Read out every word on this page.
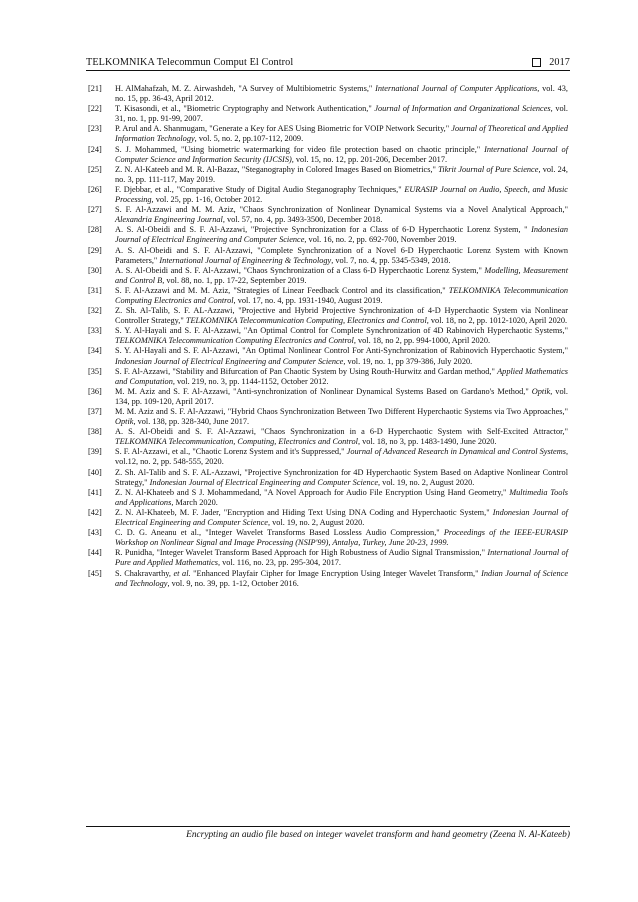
TELKOMNIKA Telecommun Comput El Control	2017
[21]	H. AlMahafzah, M. Z. Airwashdeh, "A Survey of Multibiometric Systems," International Journal of Computer Applications, vol. 43, no. 15, pp. 36-43, April 2012.
[22]	T. Kisasondi, et al., "Biometric Cryptography and Network Authentication," Journal of Information and Organizational Sciences, vol. 31, no. 1, pp. 91-99, 2007.
[23]	P. Arul and A. Shanmugam, "Generate a Key for AES Using Biometric for VOIP Network Security," Journal of Theoretical and Applied Information Technology, vol. 5, no. 2, pp.107-112, 2009.
[24]	S. J. Mohammed, "Using biometric watermarking for video file protection based on chaotic principle," International Journal of Computer Science and Information Security (IJCSIS), vol. 15, no. 12, pp. 201-206, December 2017.
[25]	Z. N. Al-Kateeb and M. R. Al-Bazaz, "Steganography in Colored Images Based on Biometrics," Tikrit Journal of Pure Science, vol. 24, no. 3, pp. 111-117, May 2019.
[26]	F. Djebbar, et al., "Comparative Study of Digital Audio Steganography Techniques," EURASIP Journal on Audio, Speech, and Music Processing, vol. 25, pp. 1-16, October 2012.
[27]	S. F. Al-Azzawi and M. M. Aziz, "Chaos Synchronization of Nonlinear Dynamical Systems via a Novel Analytical Approach," Alexandria Engineering Journal, vol. 57, no. 4, pp. 3493-3500, December 2018.
[28]	A. S. Al-Obeidi and S. F. Al-Azzawi, "Projective Synchronization for a Class of 6-D Hyperchaotic Lorenz System, " Indonesian Journal of Electrical Engineering and Computer Science, vol. 16, no. 2, pp. 692-700, November 2019.
[29]	A. S. Al-Obeidi and S. F. Al-Azzawi, "Complete Synchronization of a Novel 6-D Hyperchaotic Lorenz System with Known Parameters," International Journal of Engineering & Technology, vol. 7, no. 4, pp. 5345-5349, 2018.
[30]	A. S. Al-Obeidi and S. F. Al-Azzawi, "Chaos Synchronization of a Class 6-D Hyperchaotic Lorenz System," Modelling, Measurement and Control B, vol. 88, no. 1, pp. 17-22, September 2019.
[31]	S. F. Al-Azzawi and M. M. Aziz, "Strategies of Linear Feedback Control and its classification," TELKOMNIKA Telecommunication Computing Electronics and Control, vol. 17, no. 4, pp. 1931-1940, August 2019.
[32]	Z. Sh. Al-Talib, S. F. AL-Azzawi, "Projective and Hybrid Projective Synchronization of 4-D Hyperchaotic System via Nonlinear Controller Strategy," TELKOMNIKA Telecommunication Computing, Electronics and Control, vol. 18, no 2, pp. 1012-1020, April 2020.
[33]	S. Y. Al-Hayali and S. F. Al-Azzawi, "An Optimal Control for Complete Synchronization of 4D Rabinovich Hyperchaotic Systems," TELKOMNIKA Telecommunication Computing Electronics and Control, vol. 18, no 2, pp. 994-1000, April 2020.
[34]	S. Y. Al-Hayali and S. F. Al-Azzawi, "An Optimal Nonlinear Control For Anti-Synchronization of Rabinovich Hyperchaotic System," Indonesian Journal of Electrical Engineering and Computer Science, vol. 19, no. 1, pp 379-386, July 2020.
[35]	S. F. Al-Azzawi, "Stability and Bifurcation of Pan Chaotic System by Using Routh-Hurwitz and Gardan method," Applied Mathematics and Computation, vol. 219, no. 3, pp. 1144-1152, October 2012.
[36]	M. M. Aziz and S. F. Al-Azzawi, "Anti-synchronization of Nonlinear Dynamical Systems Based on Gardano's Method," Optik, vol. 134, pp. 109-120, April 2017.
[37]	M. M. Aziz and S. F. Al-Azzawi, "Hybrid Chaos Synchronization Between Two Different Hyperchaotic Systems via Two Approaches," Optik, vol. 138, pp. 328-340, June 2017.
[38]	A. S. Al-Obeidi and S. F. Al-Azzawi, "Chaos Synchronization in a 6-D Hyperchaotic System with Self-Excited Attractor," TELKOMNIKA Telecommunication, Computing, Electronics and Control, vol. 18, no 3, pp. 1483-1490, June 2020.
[39]	S. F. Al-Azzawi, et al., "Chaotic Lorenz System and it's Suppressed," Journal of Advanced Research in Dynamical and Control Systems, vol.12, no. 2, pp. 548-555, 2020.
[40]	Z. Sh. Al-Talib and S. F. AL-Azzawi, "Projective Synchronization for 4D Hyperchaotic System Based on Adaptive Nonlinear Control Strategy," Indonesian Journal of Electrical Engineering and Computer Science, vol. 19, no. 2, August 2020.
[41]	Z. N. Al-Khateeb and S J. Mohammedand, "A Novel Approach for Audio File Encryption Using Hand Geometry," Multimedia Tools and Applications, March 2020.
[42]	Z. N. Al-Khateeb, M. F. Jader, "Encryption and Hiding Text Using DNA Coding and Hyperchaotic System," Indonesian Journal of Electrical Engineering and Computer Science, vol. 19, no. 2, August 2020.
[43]	C. D. G. Aneanu et al., "Integer Wavelet Transforms Based Lossless Audio Compression," Proceedings of the IEEE-EURASIP Workshop on Nonlinear Signal and Image Processing (NSIP'99), Antalya, Turkey, June 20-23, 1999.
[44]	R. Punidha, "Integer Wavelet Transform Based Approach for High Robustness of Audio Signal Transmission," International Journal of Pure and Applied Mathematics, vol. 116, no. 23, pp. 295-304, 2017.
[45]	S. Chakravarthy, et al. "Enhanced Playfair Cipher for Image Encryption Using Integer Wavelet Transform," Indian Journal of Science and Technology, vol. 9, no. 39, pp. 1-12, October 2016.
Encrypting an audio file based on integer wavelet transform and hand geometry (Zeena N. Al-Kateeb)
